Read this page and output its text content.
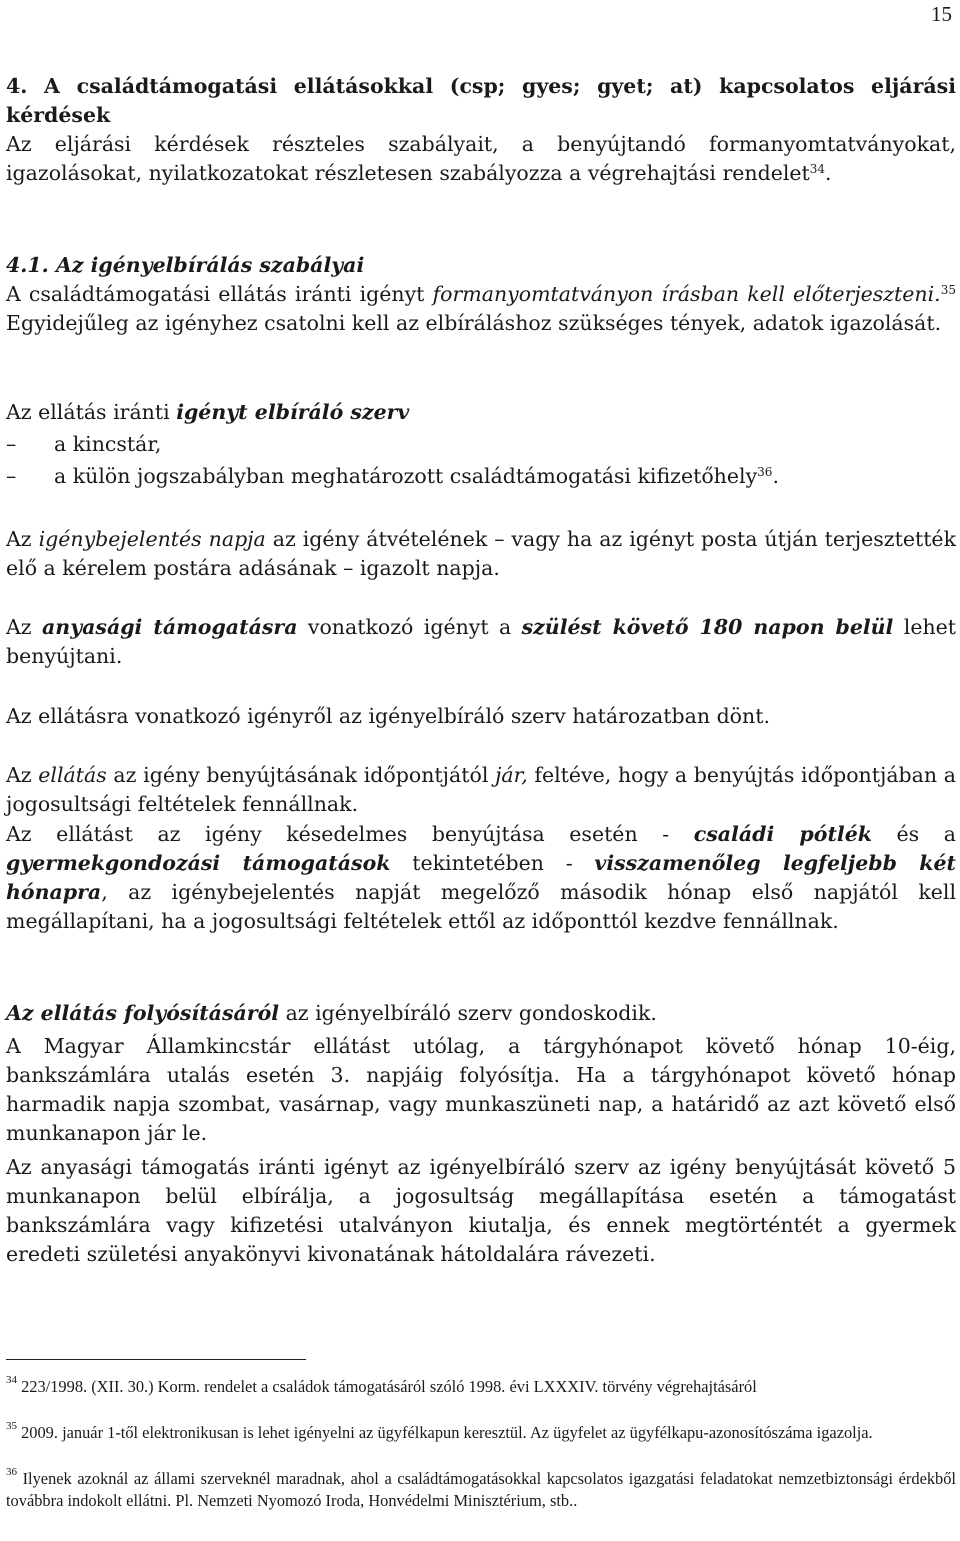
15

4. A családtámogatási ellátásokkal (csp; gyes; gyet; at) kapcsolatos eljárási kérdések

Az eljárási kérdések részteles szabályait, a benyújtandó formanyomtatványokat, igazolásokat, nyilatkozatokat részletesen szabályozza a végrehajtási rendelet$^{34}$.

4.1. Az igényelbírálás szabályai

A családtámogatási ellátás iránti igényt formanyomtatványon írásban kell előterjeszteni.$^{35}$ Egyidejűleg az igényhez csatolni kell az elbíráláshoz szükséges tények, adatok igazolását.

Az ellátás iránti igényt elbíráló szerv

– a kincstár,

– a külön jogszabályban meghatározott családtámogatási kifizetőhely$^{36}$.

Az igénybejelentés napja az igény átvételének – vagy ha az igényt posta útján terjesztették elő a kérelem postára adásának – igazolt napja.

Az anyasági támogatásra vonatkozó igényt a szülést követő 180 napon belül lehet benyújtani.

Az ellátásra vonatkozó igényről az igényelbíráló szerv határozatban dönt.

Az ellátás az igény benyújtásának időpontjától jár, feltéve, hogy a benyújtás időpontjában a jogosultsági feltételek fennállnak.

Az ellátást az igény késedelmes benyújtása esetén - családi pótlék és a gyermekgondozási támogatások tekintetében - visszamenőleg legfeljebb két hónapra, az igénybejelentés napját megelőző második hónap első napjától kell megállapítani, ha a jogosultsági feltételek ettől az időponttól kezdve fennállnak.

Az ellátás folyósításáról az igényelbíráló szerv gondoskodik.

A Magyar Államkincstár ellátást utólag, a tárgyhónapot követő hónap 10-éig, bankszámlára utalás esetén 3. napjáig folyósítja. Ha a tárgyhónapot követő hónap harmadik napja szombat, vasárnap, vagy munkaszüneti nap, a határidő az azt követő első munkanapon jár le.

Az anyasági támogatás iránti igényt az igényelbíráló szerv az igény benyújtását követő 5 munkanapon belül elbírálja, a jogosultság megállapítása esetén a támogatást bankszámlára vagy kifizetési utalványon kiutalja, és ennek megtörténtét a gyermek eredeti születési anyakönyvi kivonatának hátoldalára rávezeti.

$^{34}$ 223/1998. (XII. 30.) Korm. rendelet a családok támogatásáról szóló 1998. évi LXXXIV. törvény végrehajtásáról

$^{35}$ 2009. január 1-től elektronikusan is lehet igényelni az ügyfélkapun keresztül. Az ügyfelet az ügyfélkapu-azonosítószáma igazolja.

$^{36}$ Ilyenek azoknál az állami szerveknél maradnak, ahol a családtámogatásokkal kapcsolatos igazgatási feladatokat nemzetbiztonsági érdekből továbbra indokolt ellátni. Pl. Nemzeti Nyomozó Iroda, Honvédelmi Minisztérium, stb..
